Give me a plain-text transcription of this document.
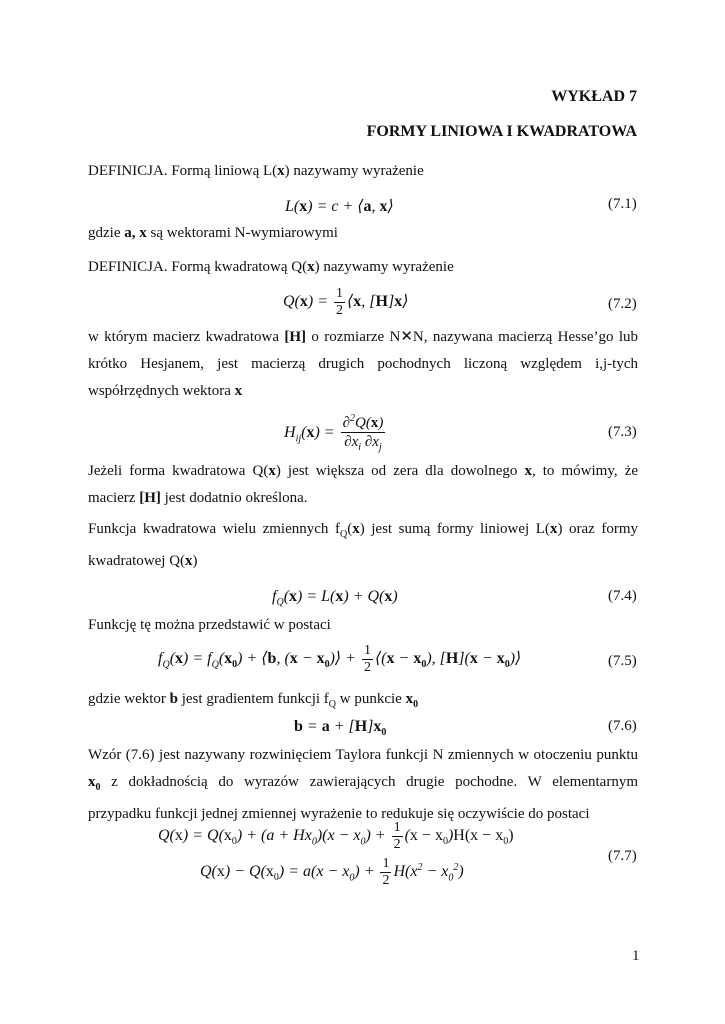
WYKŁAD 7
FORMY LINIOWA I KWADRATOWA
DEFINICJA. Formą liniową L(x) nazywamy wyrażenie
L(x) = c + ⟨a, x⟩	(7.1)
gdzie a, x są wektorami N-wymiarowymi
DEFINICJA. Formą kwadratową Q(x) nazywamy wyrażenie
$Q(x) = \frac{1}{2}$ ⟨x, [H]x⟩	(7.2)
w którym macierz kwadratowa [H] o rozmiarze N✕N, nazywana macierzą Hesse’go lub krótko Hesjanem, jest macierzą drugich pochodnych liczoną względem i,j-tych współrzędnych wektora x
$H_{ij}(x) = \frac{\partial^2Q(x)}{\partial x_i \partial x_j}$	(7.3)
Jeżeli forma kwadratowa Q(x) jest większa od zera dla dowolnego x, to mówimy, że macierz [H] jest dodatnio określona.
Funkcja kwadratowa wielu zmiennych $f_Q(x)$ jest sumą formy liniowej L(x) oraz formy kwadratowej Q(x)
$f_Q(x) = L(x) + Q(x)$	(7.4)
Funkcję tę można przedstawić w postaci
$f_Q(x) = f_Q(x_0)$ + ⟨b, $(x - x_0)⟩ + \frac{1}{2}$ ⟨(x − $x_0$), $[H](x - x_0)⟩$	(7.5)
gdzie wektor b jest gradientem funkcji $f_Q$ w punkcie $x_0$
$b = a + [H]x_0$	(7.6)
Wzór (7.6) jest nazywany rozwinięciem Taylora funkcji N zmiennych w otoczeniu punktu $x_0$ z dokładnością do wyrazów zawierających drugie pochodne. W elementarnym przypadku funkcji jednej zmiennej wyrażenie to redukuje się oczywiście do postaci
$Q(x) = Q(x_0) + (a + Hx_0)(x - x_0) + \frac{1}{2} (x - x_0)H(x - x_0)$
$Q(x) - Q(x_0) = a(x - x_0) + \frac{1}{2} H(x^2 - x_0^2)$
(7.7)
1
